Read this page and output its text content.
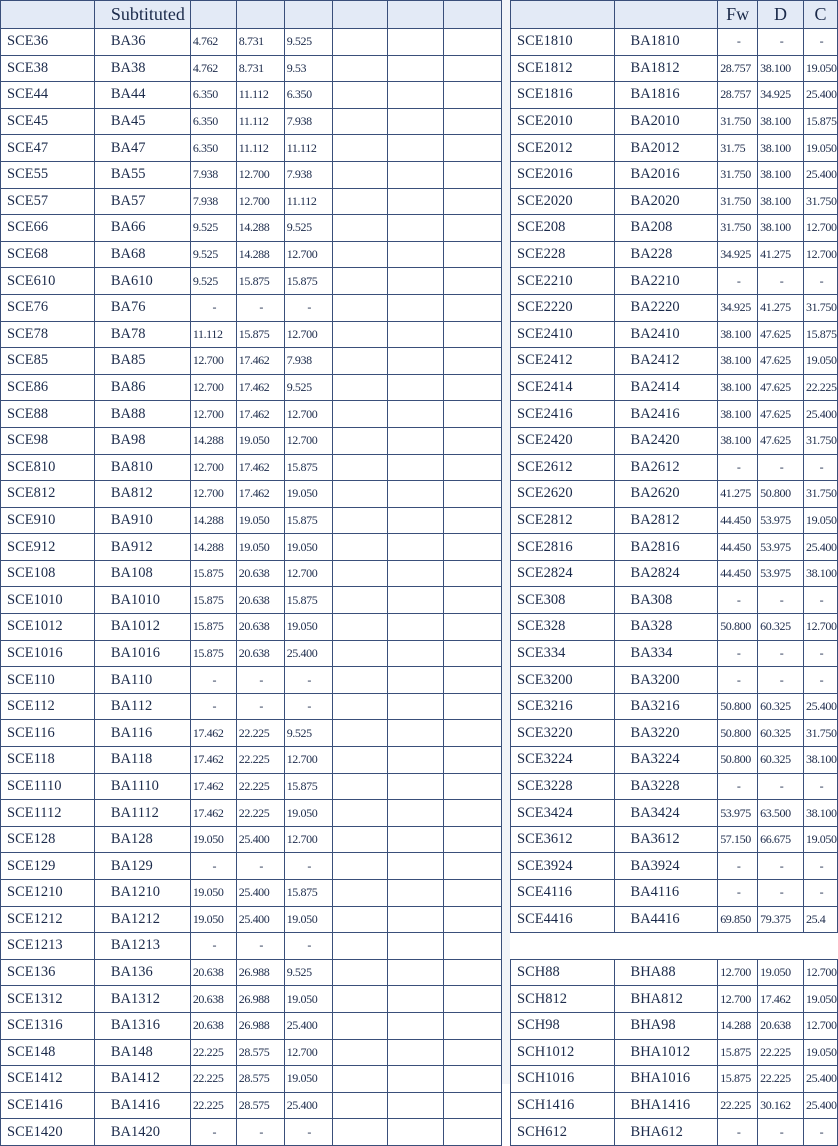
	Subtituted						
SCE36	BA36	4.762	8.731	9.525			
SCE38	BA38	4.762	8.731	9.53			
SCE44	BA44	6.350	11.112	6.350			
SCE45	BA45	6.350	11.112	7.938			
SCE47	BA47	6.350	11.112	11.112			
SCE55	BA55	7.938	12.700	7.938			
SCE57	BA57	7.938	12.700	11.112			
SCE66	BA66	9.525	14.288	9.525			
SCE68	BA68	9.525	14.288	12.700			
SCE610	BA610	9.525	15.875	15.875			
SCE76	BA76	-	-	-			
SCE78	BA78	11.112	15.875	12.700			
SCE85	BA85	12.700	17.462	7.938			
SCE86	BA86	12.700	17.462	9.525			
SCE88	BA88	12.700	17.462	12.700			
SCE98	BA98	14.288	19.050	12.700			
SCE810	BA810	12.700	17.462	15.875			
SCE812	BA812	12.700	17.462	19.050			
SCE910	BA910	14.288	19.050	15.875			
SCE912	BA912	14.288	19.050	19.050			
SCE108	BA108	15.875	20.638	12.700			
SCE1010	BA1010	15.875	20.638	15.875			
SCE1012	BA1012	15.875	20.638	19.050			
SCE1016	BA1016	15.875	20.638	25.400			
SCE110	BA110	-	-	-			
SCE112	BA112	-	-	-			
SCE116	BA116	17.462	22.225	9.525			
SCE118	BA118	17.462	22.225	12.700			
SCE1110	BA1110	17.462	22.225	15.875			
SCE1112	BA1112	17.462	22.225	19.050			
SCE128	BA128	19.050	25.400	12.700			
SCE129	BA129	-	-	-			
SCE1210	BA1210	19.050	25.400	15.875			
SCE1212	BA1212	19.050	25.400	19.050			
SCE1213	BA1213	-	-	-			
SCE136	BA136	20.638	26.988	9.525			
SCE1312	BA1312	20.638	26.988	19.050			
SCE1316	BA1316	20.638	26.988	25.400			
SCE148	BA148	22.225	28.575	12.700			
SCE1412	BA1412	22.225	28.575	19.050			
SCE1416	BA1416	22.225	28.575	25.400			
SCE1420	BA1420	-	-	-			
		Fw	D	C
SCE1810	BA1810	-	-	-
SCE1812	BA1812	28.757	38.100	19.050
SCE1816	BA1816	28.757	34.925	25.400
SCE2010	BA2010	31.750	38.100	15.875
SCE2012	BA2012	31.75	38.100	19.050
SCE2016	BA2016	31.750	38.100	25.400
SCE2020	BA2020	31.750	38.100	31.750
SCE208	BA208	31.750	38.100	12.700
SCE228	BA228	34.925	41.275	12.700
SCE2210	BA2210	-	-	-
SCE2220	BA2220	34.925	41.275	31.750
SCE2410	BA2410	38.100	47.625	15.875
SCE2412	BA2412	38.100	47.625	19.050
SCE2414	BA2414	38.100	47.625	22.225
SCE2416	BA2416	38.100	47.625	25.400
SCE2420	BA2420	38.100	47.625	31.750
SCE2612	BA2612	-	-	-
SCE2620	BA2620	41.275	50.800	31.750
SCE2812	BA2812	44.450	53.975	19.050
SCE2816	BA2816	44.450	53.975	25.400
SCE2824	BA2824	44.450	53.975	38.100
SCE308	BA308	-	-	-
SCE328	BA328	50.800	60.325	12.700
SCE334	BA334	-	-	-
SCE3200	BA3200	-	-	-
SCE3216	BA3216	50.800	60.325	25.400
SCE3220	BA3220	50.800	60.325	31.750
SCE3224	BA3224	50.800	60.325	38.100
SCE3228	BA3228	-	-	-
SCE3424	BA3424	53.975	63.500	38.100
SCE3612	BA3612	57.150	66.675	19.050
SCE3924	BA3924	-	-	-
SCE4116	BA4116	-	-	-
SCE4416	BA4416	69.850	79.375	25.4

SCH88	BHA88	12.700	19.050	12.700
SCH812	BHA812	12.700	17.462	19.050
SCH98	BHA98	14.288	20.638	12.700
SCH1012	BHA1012	15.875	22.225	19.050
SCH1016	BHA1016	15.875	22.225	25.400
SCH1416	BHA1416	22.225	30.162	25.400
SCH612	BHA612	-	-	-
